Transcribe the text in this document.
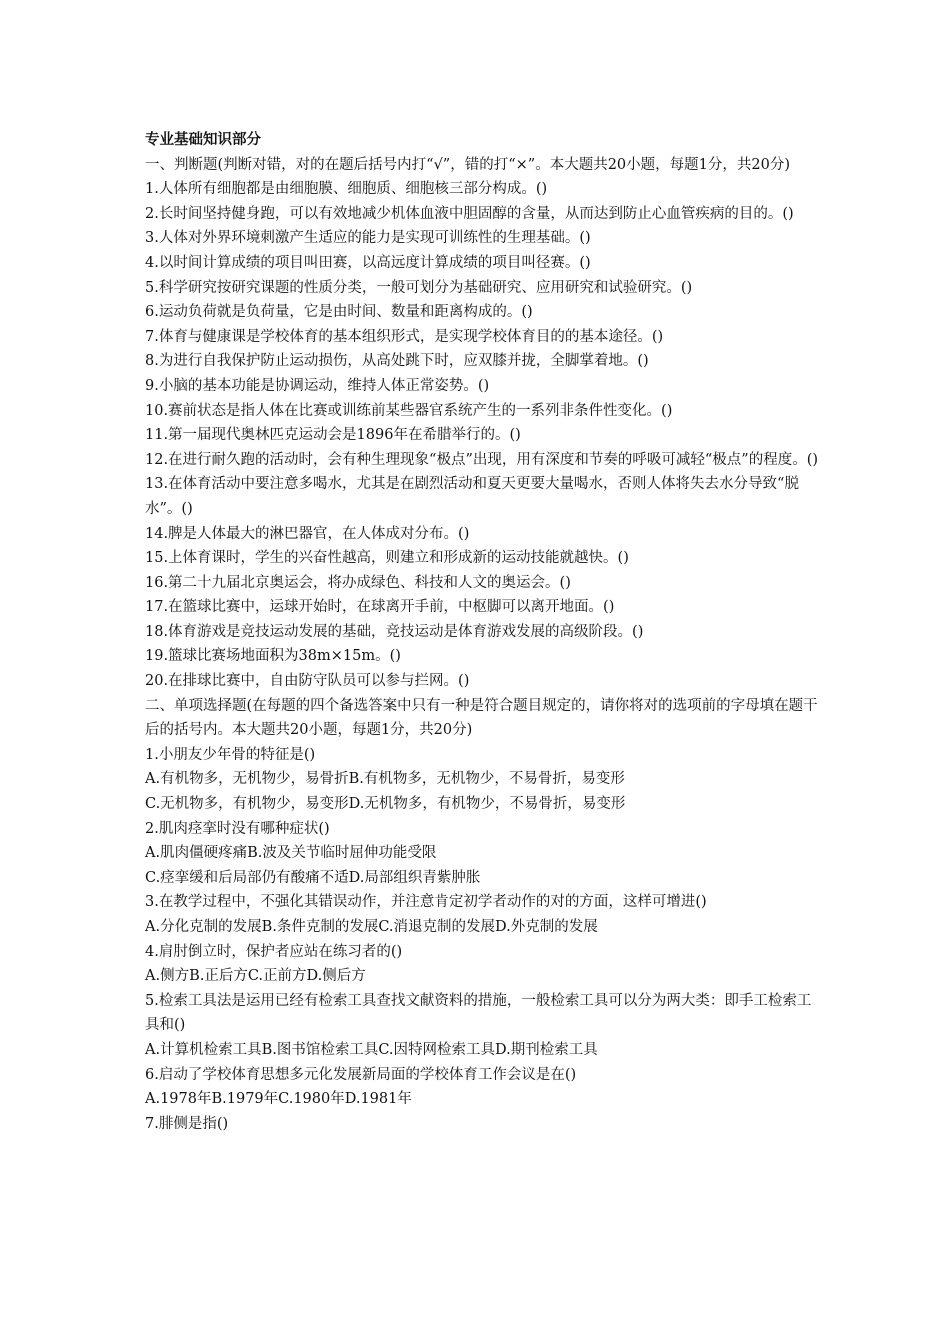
专业基础知识部分

一、判断题(判断对错，对的在题后括号内打“√”，错的打“×”。本大题共20小题，每题1分，共20分)

1.人体所有细胞都是由细胞膜、细胞质、细胞核三部分构成。()

2.长时间坚持健身跑，可以有效地减少机体血液中胆固醇的含量，从而达到防止心血管疾病的目的。()

3.人体对外界环境刺激产生适应的能力是实现可训练性的生理基础。()

4.以时间计算成绩的项目叫田赛，以高远度计算成绩的项目叫径赛。()

5.科学研究按研究课题的性质分类，一般可划分为基础研究、应用研究和试验研究。()

6.运动负荷就是负荷量，它是由时间、数量和距离构成的。()

7.体育与健康课是学校体育的基本组织形式，是实现学校体育目的的基本途径。()

8.为进行自我保护防止运动损伤，从高处跳下时，应双膝并拢，全脚掌着地。()

9.小脑的基本功能是协调运动，维持人体正常姿势。()

10.赛前状态是指人体在比赛或训练前某些器官系统产生的一系列非条件性变化。()

11.第一届现代奥林匹克运动会是1896年在希腊举行的。()

12.在进行耐久跑的活动时，会有种生理现象“极点”出现，用有深度和节奏的呼吸可减轻“极点”的程度。()

13.在体育活动中要注意多喝水，尤其是在剧烈活动和夏天更要大量喝水，否则人体将失去水分导致“脱水”。()

14.脾是人体最大的淋巴器官，在人体成对分布。()

15.上体育课时，学生的兴奋性越高，则建立和形成新的运动技能就越快。()

16.第二十九届北京奥运会，将办成绿色、科技和人文的奥运会。()

17.在篮球比赛中，运球开始时，在球离开手前，中枢脚可以离开地面。()

18.体育游戏是竞技运动发展的基础，竞技运动是体育游戏发展的高级阶段。()

19.篮球比赛场地面积为38m×15m。()

20.在排球比赛中，自由防守队员可以参与拦网。()

二、单项选择题(在每题的四个备选答案中只有一种是符合题目规定的，请你将对的选项前的字母填在题干后的括号内。本大题共20小题，每题1分，共20分)

1.小朋友少年骨的特征是()

A.有机物多，无机物少，易骨折B.有机物多，无机物少，不易骨折，易变形

C.无机物多，有机物少，易变形D.无机物多，有机物少，不易骨折，易变形

2.肌肉痉挛时没有哪种症状()

A.肌肉僵硬疼痛B.波及关节临时屈伸功能受限

C.痉挛缓和后局部仍有酸痛不适D.局部组织青紫肿胀

3.在教学过程中，不强化其错误动作，并注意肯定初学者动作的对的方面，这样可增进()

A.分化克制的发展B.条件克制的发展C.消退克制的发展D.外克制的发展

4.肩肘倒立时，保护者应站在练习者的()

A.侧方B.正后方C.正前方D.侧后方

5.检索工具法是运用已经有检索工具查找文献资料的措施，一般检索工具可以分为两大类：即手工检索工具和()

A.计算机检索工具B.图书馆检索工具C.因特网检索工具D.期刊检索工具

6.启动了学校体育思想多元化发展新局面的学校体育工作会议是在()

A.1978年B.1979年C.1980年D.1981年

7.腓侧是指()
